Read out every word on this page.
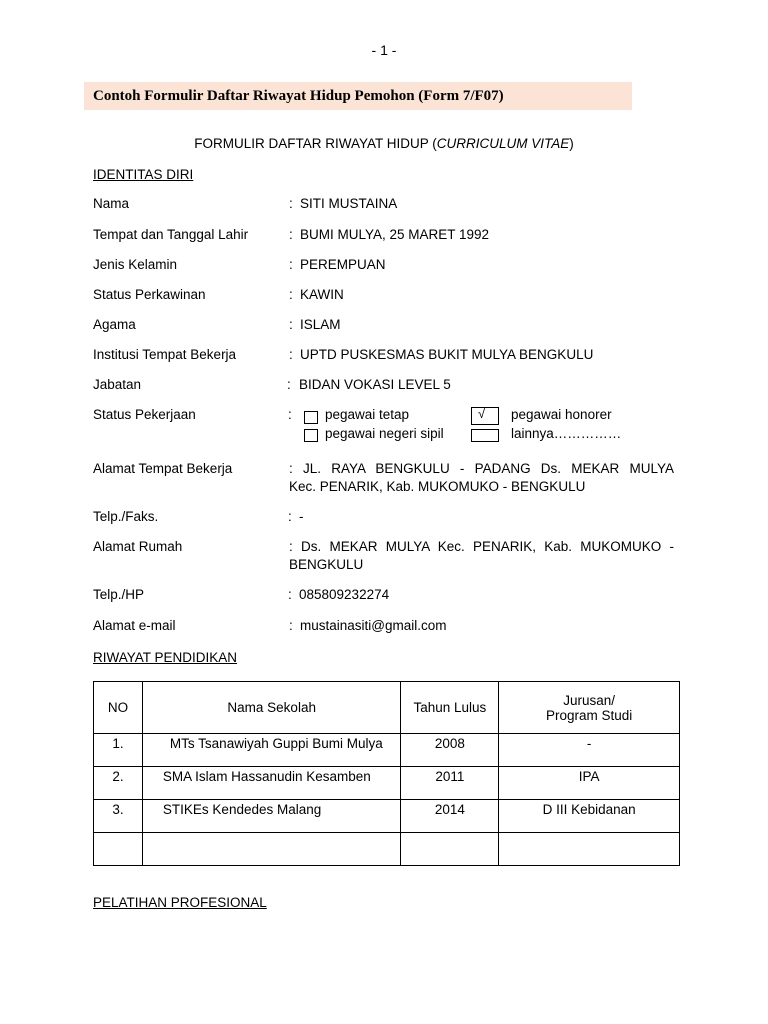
- 1 -
Contoh Formulir Daftar Riwayat Hidup Pemohon (Form 7/F07)
FORMULIR DAFTAR RIWAYAT HIDUP (CURRICULUM VITAE)
IDENTITAS DIRI
Nama	: SITI MUSTAINA
Tempat dan Tanggal Lahir	: BUMI MULYA, 25 MARET 1992
Jenis Kelamin	: PEREMPUAN
Status Perkawinan	: KAWIN
Agama	: ISLAM
Institusi Tempat Bekerja	: UPTD PUSKESMAS BUKIT MULYA BENGKULU
Jabatan	: BIDAN VOKASI LEVEL 5
Status Pekerjaan	: pegawai tetap	√ pegawai honorer
pegawai negeri sipil	lainnya……………
Alamat Tempat Bekerja	: JL. RAYA BENGKULU - PADANG Ds. MEKAR MULYA
Kec. PENARIK, Kab. MUKOMUKO - BENGKULU
Telp./Faks.	: -
Alamat Rumah	: Ds. MEKAR MULYA Kec. PENARIK, Kab. MUKOMUKO -
BENGKULU
Telp./HP	: 085809232274
Alamat e-mail	: mustainasiti@gmail.com
RIWAYAT PENDIDIKAN
NO	Nama Sekolah	Tahun Lulus	Jurusan/
Program Studi
1.	MTs Tsanawiyah Guppi Bumi Mulya	2008	-
2.	SMA Islam Hassanudin Kesamben	2011	IPA
3.	STIKEs Kendedes Malang	2014	D III Kebidanan

PELATIHAN PROFESIONAL
